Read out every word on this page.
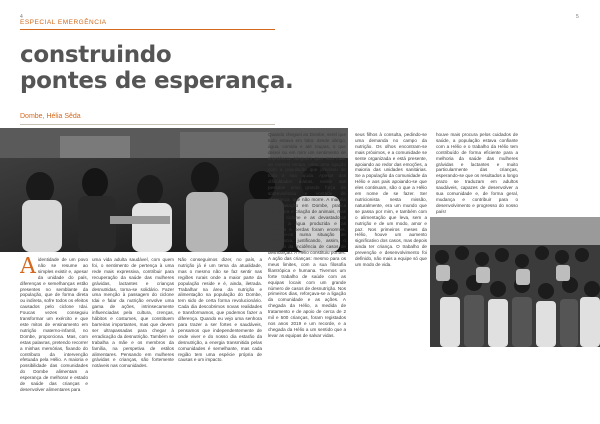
4	5
ESPECIAL EMERGÊNCIA
construindo
pontes de esperança.
Dombe, Hélia Sêda
A identidade de um povo não se resume ao simples existir e, apesar da unidade do país, diferenças e semelhanças estão presentes no semblante da população, que de forma direta ou indireta, sofre todos os efeitos causados pelo ciclone Idai. Foucas vezes conseguiu transformar um exército e que este mitos de ensinamento em nutrição materno-infantil, no Dombe, proporciona. Mas, com estas palavras, pretendo recorrer a minhas memórias, fixando do contributo da intervenção efetuada pela Hélio. A maioria e possibilidade das comunidades do Dombe alimentam a esperança de melhorar e estado de saúde das crianças e desenvolver alimentares para
uma vida adulta saudável, com quem foi, o sentimento de pertença à uma rede mais expressiva, contribuir para recuperação da saúde das mulheres grávidas, lactantes e crianças desnutridas, torna-se solidário. Fazer uma menção à passagem do ciclone Idai e falar da nutrição envolve uma gama de ações, intrinsecamente influenciadas pela cultura, crenças, hábitos e costumes, que constituem barreiras importantes, mas que devem ser ultrapassadas para chegar à erradicação da desnutrição. Também se trabalha a mãe e os membros da família, na perspetiva de estilos alimentares. Pensando em mulheres grávidas e crianças, são fortemente notáveis nas comunidades.
Não conseguimos dizer, no país, a nutrição já é um tema da atualidade, mas o mesmo não se faz sentir nas regiões rurais onde a maior parte da população reside e é, ainda, iletrada. Trabalhar na área da nutrição e alimentação na população do Dombe, tem sido de certa forma revolucionário. Cada dia descobrimos novas realidades e transformamos, que podemos fazer a diferença. Quando eu vejo uma senhora para trazer a ser fortes e saudáveis, pensamos que independentemente de onde viver e do nosso dia estarão da desnutrição, a energia transmitida pelas comunidades é semelhante, mas cada região tem uma espécie própria de causas e um impacto.
Quando cheguei ao Dombe, sentí que tudo estava em falta: desde abrigo, água, comida e até roupas, o que deixei ou em mim um sentimento de impotência. Ninguém quer isso mas, ao mesmo tempo, criou uma ligação com a população que precisou de toda a sua ajuda. Apesar das dificuldades diárias, existe nas pessoas uma grande força de sobrevivência e vontade de esperança, que não morre. A maioria da população em Dombe, pratica agricultura e criação de animais, mas com o ciclone e as devastadoras chuvas, a água produzida e as colheitas e perdas foram enormes, deixando-os numa situação de emergência, justificando, assim, o aumento da incidência de casos de desnutrição. A Hélio constituiu pontes. A ação das crianças: mesmo para os meus limites, com a sua filosofia filantrópica e humana. Tivemos um forte trabalho de saúde com as equipas locais com um grande número de casos de desnutrição. Nos primeiros dias, reforçava-se a ligação da comunidade e as ações. A chegada da Hélio, a medida de tratamento e de apoio de cerca de 2 mil e 500 crianças, foram registados nos anos 2019 e um recorde, e a chegada da Hélio a um sentido que a levar as equipas de salvar vidas.
seus filhos à consulta, pedindo-se uma demanda no campo da nutrição. Os olhos encontram-se mais próximos, e a comunidade se sente organizada e está presente, apoiando ao redor das emoções, a maioria das unidades sanitárias. Se a população da comunidade da Hélio e aos pais apoiando-se que eles continuam, são o que a Hélio em nome de se fazer. Ser nutricionista nesta missão, naturalmente, era um mundo que se passa por mim, e também com o alimentação que leva, sem a nutrição e de um modo, amor e paz. Nos primeiros meses da Hélio, houve um aumento significativo dos casos, mas depois ainda ter criança. O trabalho de prevenção e desenvolvimento foi definido, não mais a equipe só que um modo de vida.
houve mais procura pelos cuidados de saúde, a população estava confiante com a Hélio e o trabalho da Hélio tem contribuído de forma eficiente para a melhoria da saúde das mulheres grávidas e lactantes e muito particularmente das crianças, esperando-se que os resultados a longo prazo se traduzam em adultos saudáveis, capazes de desenvolver a sua comunidade e, de forma geral, mudança e contribuir para o desenvolvimento e progresso do nosso país!
